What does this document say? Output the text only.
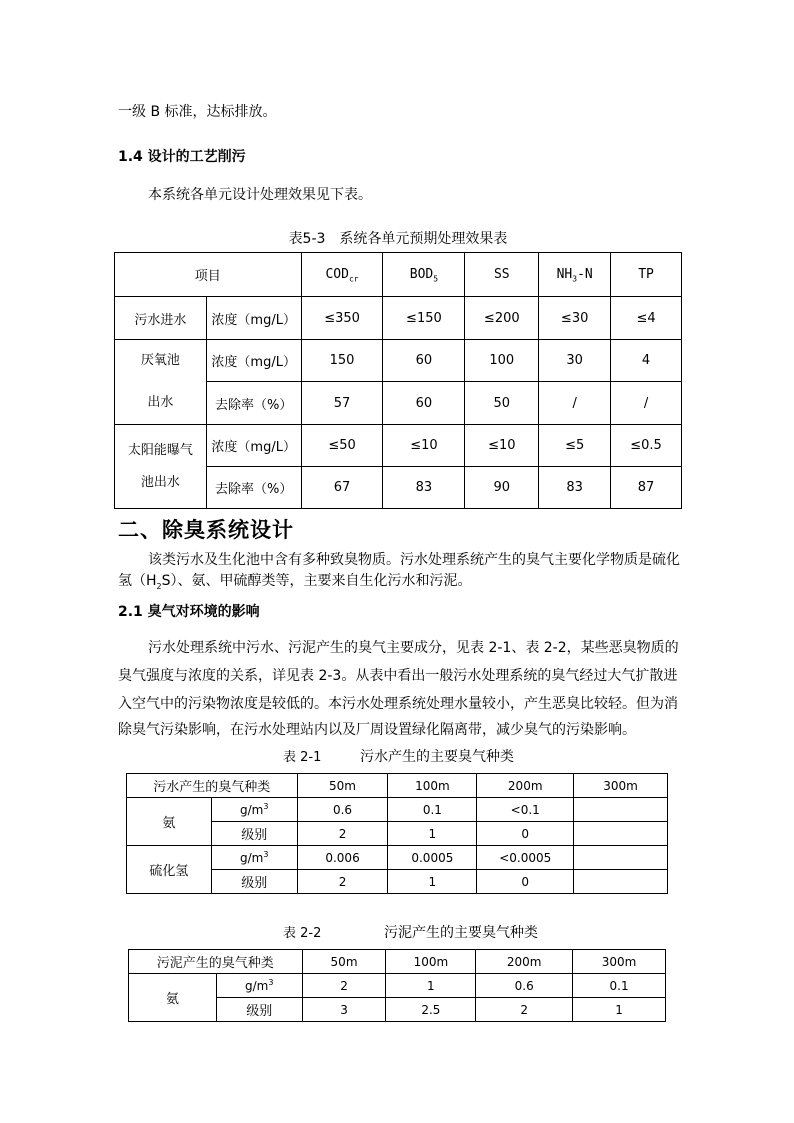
一级 B 标准，达标排放。
1.4 设计的工艺削污
本系统各单元设计处理效果见下表。
表5-3　系统各单元预期处理效果表
项目		$COD_{cr}$	$BOD_5$	SS	$NH_3-N$	TP
污水进水	浓度（mg/L）	≤350	≤150	≤200	≤30	≤4
厌氧池
出水	浓度（mg/L）	150	60	100	30	4
	去除率（%）	57	60	50	/	/
太阳能曝气
池出水	浓度（mg/L）	≤50	≤10	≤10	≤5	≤0.5
	去除率（%）	67	83	90	83	87
二、除臭系统设计
该类污水及生化池中含有多种致臭物质。污水处理系统产生的臭气主要化学物质是硫化
氢$(H_2S)$、氨、甲硫醇类等，主要来自生化污水和污泥。
2.1 臭气对环境的影响
污水处理系统中污水、污泥产生的臭气主要成分，见表 2-1、表 2-2，某些恶臭物质的
臭气强度与浓度的关系，详见表 2-3。从表中看出一般污水处理系统的臭气经过大气扩散进
入空气中的污染物浓度是较低的。本污水处理系统处理水量较小，产生恶臭比较轻。但为消
除臭气污染影响，在污水处理站内以及厂周设置绿化隔离带，减少臭气的污染影响。
表 2-1	污水产生的主要臭气种类
污水产生的臭气种类		50m	100m	200m	300m
氨	$g/m^3$	0.6	0.1	<0.1	
	级别	2	1	0	
硫化氢	$g/m^3$	0.006	0.0005	<0.0005	
	级别	2	1	0	
表 2-2	污泥产生的主要臭气种类
污泥产生的臭气种类		50m	100m	200m	300m
氨	$g/m^3$	2	1	0.6	0.1
	级别	3	2.5	2	1
